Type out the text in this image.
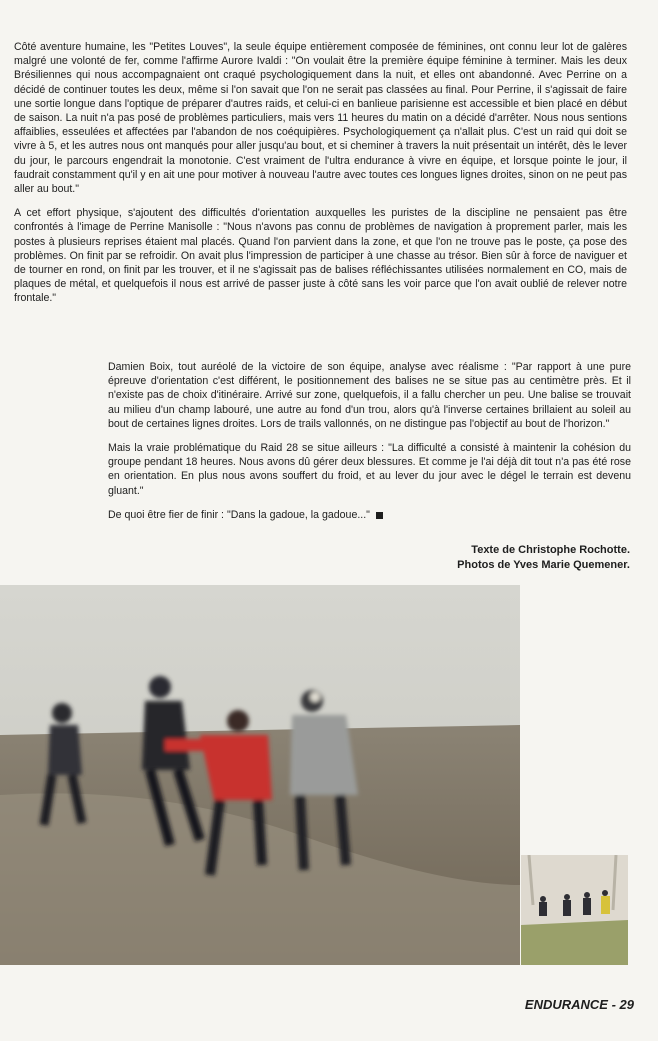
Côté aventure humaine, les "Petites Louves", la seule équipe entièrement composée de féminines, ont connu leur lot de galères malgré une volonté de fer, comme l'affirme Aurore Ivaldi : "On voulait être la première équipe féminine à terminer. Mais les deux Brésiliennes qui nous accompagnaient ont craqué psychologiquement dans la nuit, et elles ont abandonné. Avec Perrine on a décidé de continuer toutes les deux, même si l'on savait que l'on ne serait pas classées au final. Pour Perrine, il s'agissait de faire une sortie longue dans l'optique de préparer d'autres raids, et celui-ci en banlieue parisienne est accessible et bien placé en début de saison. La nuit n'a pas posé de problèmes particuliers, mais vers 11 heures du matin on a décidé d'arrêter. Nous nous sentions affaiblies, esseulées et affectées par l'abandon de nos coéquipières. Psychologiquement ça n'allait plus. C'est un raid qui doit se vivre à 5, et les autres nous ont manqués pour aller jusqu'au bout, et si cheminer à travers la nuit présentait un intérêt, dès le lever du jour, le parcours engendrait la monotonie. C'est vraiment de l'ultra endurance à vivre en équipe, et lorsque pointe le jour, il faudrait constamment qu'il y en ait une pour motiver à nouveau l'autre avec toutes ces longues lignes droites, sinon on ne peut pas aller au bout."

A cet effort physique, s'ajoutent des difficultés d'orientation auxquelles les puristes de la discipline ne pensaient pas être confrontés à l'image de Perrine Manisolle : "Nous n'avons pas connu de problèmes de navigation à proprement parler, mais les postes à plusieurs reprises étaient mal placés. Quand l'on parvient dans la zone, et que l'on ne trouve pas le poste, ça pose des problèmes. On finit par se refroidir. On avait plus l'impression de participer à une chasse au trésor. Bien sûr à force de naviguer et de tourner en rond, on finit par les trouver, et il ne s'agissait pas de balises réfléchissantes utilisées normalement en CO, mais de plaques de métal, et quelquefois il nous est arrivé de passer juste à côté sans les voir parce que l'on avait oublié de relever notre frontale."

Damien Boix, tout auréolé de la victoire de son équipe, analyse avec réalisme : "Par rapport à une pure épreuve d'orientation c'est différent, le positionnement des balises ne se situe pas au centimètre près. Et il n'existe pas de choix d'itinéraire. Arrivé sur zone, quelquefois, il a fallu chercher un peu. Une balise se trouvait au milieu d'un champ labouré, une autre au fond d'un trou, alors qu'à l'inverse certaines brillaient au soleil au bout de certaines lignes droites. Lors de trails vallonnés, on ne distingue pas l'objectif au bout de l'horizon."

Mais la vraie problématique du Raid 28 se situe ailleurs : "La difficulté a consisté à maintenir la cohésion du groupe pendant 18 heures. Nous avons dû gérer deux blessures. Et comme je l'ai déjà dit tout n'a pas été rose en orientation. En plus nous avons souffert du froid, et au lever du jour avec le dégel le terrain est devenu gluant."

De quoi être fier de finir : "Dans la gadoue, la gadoue..."

Texte de Christophe Rochotte.
Photos de Yves Marie Quemener.
ENDURANCE - 29
